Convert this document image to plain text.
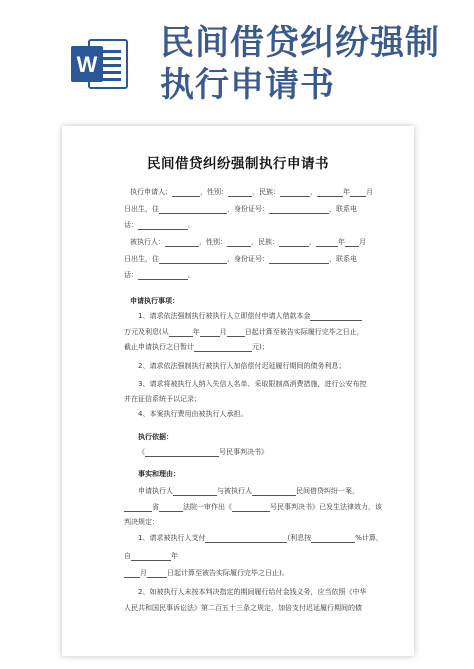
W
民间借贷纠纷强制
执行申请书
民间借贷纠纷强制执行申请书
执行申请人：	，性别：	，民族：	，	年 月
日出生，住	，身份证号：	，联系电
话：	。
被执行人：	，性别：	，民族：	，	年 月
日出生，住	，身份证号：	，联系电
话：	。
申请执行事项：
1、请求依法强制执行被执行人立即偿付申请人借款本金
万元及利息(从	年	月	日起计算至被告实际履行完毕之日止，
截止申请执行之日暂计	元)；
2、请求依法强制执行被执行人加倍偿付迟延履行期间的债务利息；
3、请求将被执行人纳入失信人名单、采取限制高消费措施，进行公安布控
并在征信系统予以记录；
4、本案执行费用由被执行人承担。
执行依据：
《	号民事判决书》
事实和理由：
申请执行人	与被执行人	民间借贷纠纷一案，
省	法院一审作出《	号民事判决书》已发生法律效力，该
判决规定：
1、请求被执行人支付	(利息按	%计算，
自	年
月	日起计算至被告实际履行完毕之日止)。
2、如被执行人未按本判决指定的期间履行给付金钱义务，应当依照《中华
人民共和国民事诉讼法》第二百五十三条之规定，加倍支付迟延履行期间的债
